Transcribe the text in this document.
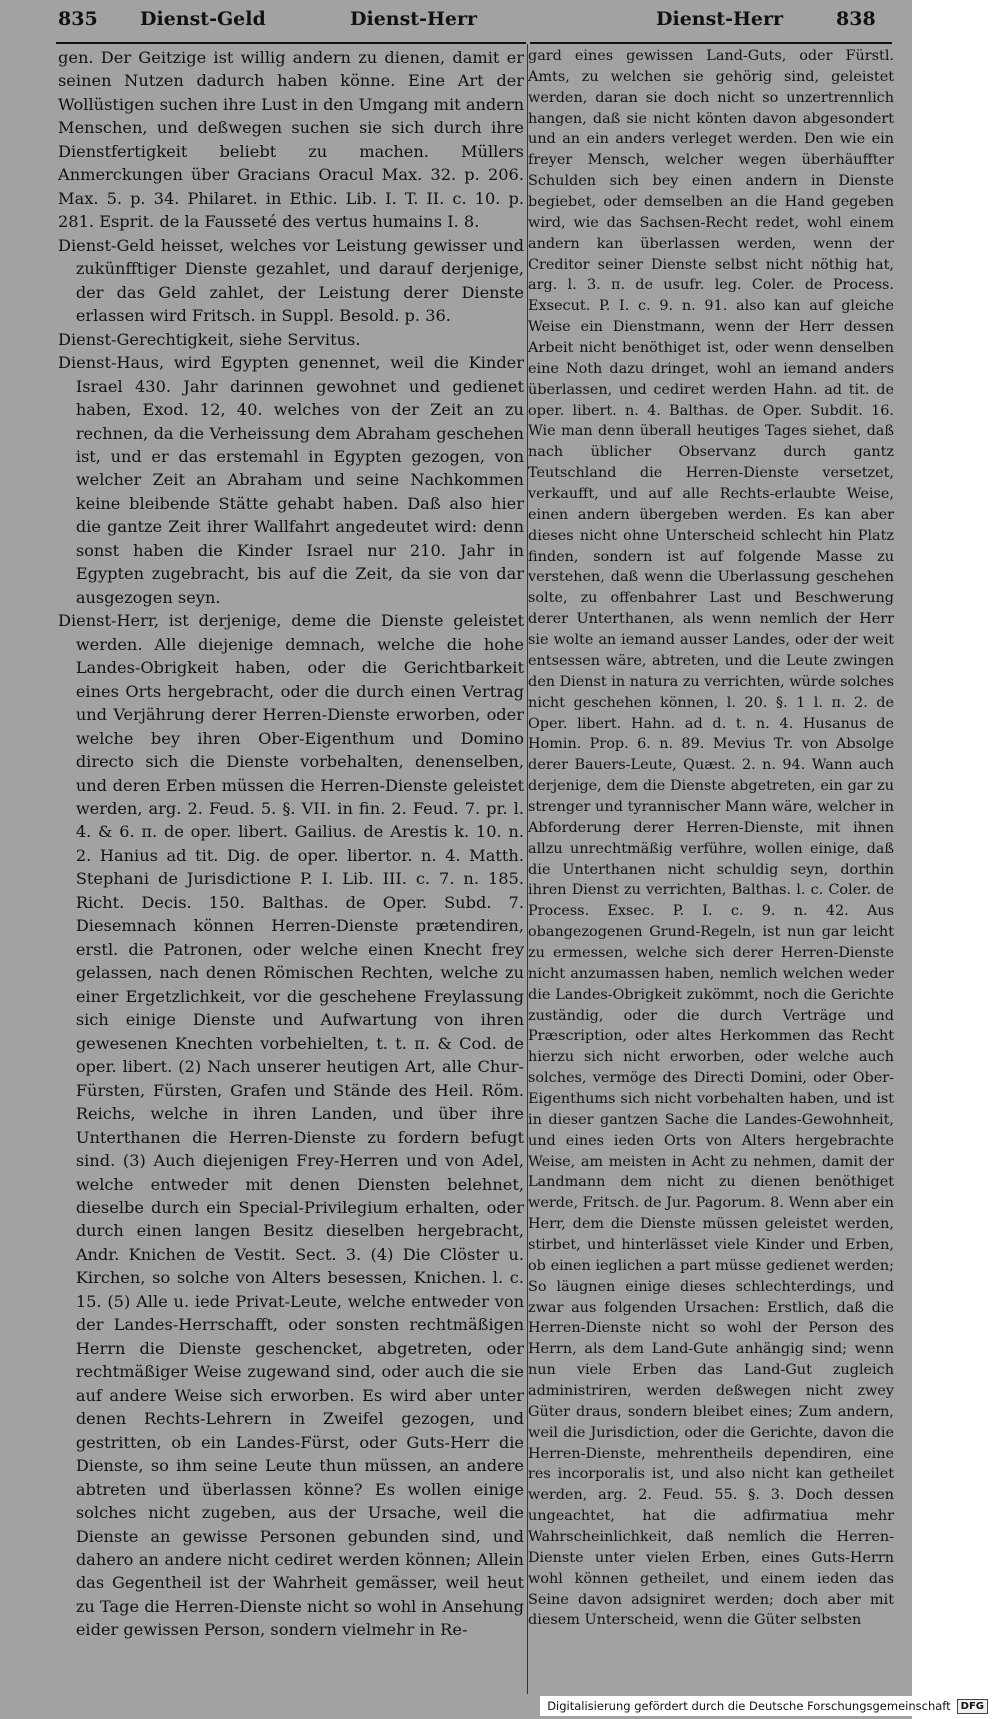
835 Dienst-Geld	Dienst-Herr	Dienst-Herr	838

gen. Der Geitzige ist willig andern zu dienen, damit er seinen Nutzen dadurch haben könne. Eine Art der Wollüstigen suchen ihre Lust in den Umgang mit andern Menschen, und deßwegen suchen sie sich durch ihre Dienstfertigkeit beliebt zu machen. Müllers Anmerckungen über Gracians Oracul Max. 32. p. 206. Max. 5. p. 34. Philaret. in Ethic. Lib. I. T. II. c. 10. p. 281. Esprit. de la Fausseté des vertus humains I. 8.

Dienst-Geld heisset, welches vor Leistung gewisser und zukünfftiger Dienste gezahlet, und darauf derjenige, der das Geld zahlet, der Leistung derer Dienste erlassen wird Fritsch. in Suppl. Besold. p. 36.

Dienst-Gerechtigkeit, siehe Servitus.

Dienst-Haus, wird Egypten genennet, weil die Kinder Israel 430. Jahr darinnen gewohnet und gedienet haben, Exod. 12, 40. welches von der Zeit an zu rechnen, da die Verheissung dem Abraham geschehen ist, und er das erstemahl in Egypten gezogen, von welcher Zeit an Abraham und seine Nachkommen keine bleibende Stätte gehabt haben. Daß also hier die gantze Zeit ihrer Wallfahrt angedeutet wird: denn sonst haben die Kinder Israel nur 210. Jahr in Egypten zugebracht, bis auf die Zeit, da sie von dar ausgezogen seyn.

Dienst-Herr, ist derjenige, deme die Dienste geleistet werden. Alle diejenige demnach, welche die hohe Landes-Obrigkeit haben, oder die Gerichtbarkeit eines Orts hergebracht, oder die durch einen Vertrag und Verjährung derer Herren-Dienste erworben, oder welche bey ihren Ober-Eigenthum und Domino directo sich die Dienste vorbehalten, denenselben, und deren Erben müssen die Herren-Dienste geleistet werden, arg. 2. Feud. 5. §. VII. in fin. 2. Feud. 7. pr. l. 4. & 6. π. de oper. libert. Gailius. de Arestis k. 10. n. 2. Hanius ad tit. Dig. de oper. libertor. n. 4. Matth. Stephani de Jurisdictione P. I. Lib. III. c. 7. n. 185. Richt. Decis. 150. Balthas. de Oper. Subd. 7. Diesemnach können Herren-Dienste prætendiren, erstl. die Patronen, oder welche einen Knecht frey gelassen, nach denen Römischen Rechten, welche zu einer Ergetzlichkeit, vor die geschehene Freylassung sich einige Dienste und Aufwartung von ihren gewesenen Knechten vorbehielten, t. t. π. & Cod. de oper. libert. (2) Nach unserer heutigen Art, alle Chur-Fürsten, Fürsten, Grafen und Stände des Heil. Röm. Reichs, welche in ihren Landen, und über ihre Unterthanen die Herren-Dienste zu fordern befugt sind. (3) Auch diejenigen Frey-Herren und von Adel, welche entweder mit denen Diensten belehnet, dieselbe durch ein Special-Privilegium erhalten, oder durch einen langen Besitz dieselben hergebracht, Andr. Knichen de Vestit. Sect. 3. (4) Die Clöster u. Kirchen, so solche von Alters besessen, Knichen. l. c. 15. (5) Alle u. iede Privat-Leute, welche entweder von der Landes-Herrschafft, oder sonsten rechtmäßigen Herrn die Dienste geschencket, abgetreten, oder rechtmäßiger Weise zugewand sind, oder auch die sie auf andere Weise sich erworben. Es wird aber unter denen Rechts-Lehrern in Zweifel gezogen, und gestritten, ob ein Landes-Fürst, oder Guts-Herr die Dienste, so ihm seine Leute thun müssen, an andere abtreten und überlassen könne? Es wollen einige solches nicht zugeben, aus der Ursache, weil die Dienste an gewisse Personen gebunden sind, und dahero an andere nicht cediret werden können; Allein das Gegentheil ist der Wahrheit gemässer, weil heut zu Tage die Herren-Dienste nicht so wohl in Ansehung eider gewissen Person, sondern vielmehr in Re-

gard eines gewissen Land-Guts, oder Fürstl. Amts, zu welchen sie gehörig sind, geleistet werden, daran sie doch nicht so unzertrennlich hangen, daß sie nicht könten davon abgesondert und an ein anders verleget werden. Den wie ein freyer Mensch, welcher wegen überhäuffter Schulden sich bey einen andern in Dienste begiebet, oder demselben an die Hand gegeben wird, wie das Sachsen-Recht redet, wohl einem andern kan überlassen werden, wenn der Creditor seiner Dienste selbst nicht nöthig hat, arg. l. 3. π. de usufr. leg. Coler. de Process. Exsecut. P. I. c. 9. n. 91. also kan auf gleiche Weise ein Dienstmann, wenn der Herr dessen Arbeit nicht benöthiget ist, oder wenn denselben eine Noth dazu dringet, wohl an iemand anders überlassen, und cediret werden Hahn. ad tit. de oper. libert. n. 4. Balthas. de Oper. Subdit. 16. Wie man denn überall heutiges Tages siehet, daß nach üblicher Observanz durch gantz Teutschland die Herren-Dienste versetzet, verkaufft, und auf alle Rechts-erlaubte Weise, einen andern übergeben werden. Es kan aber dieses nicht ohne Unterscheid schlecht hin Platz finden, sondern ist auf folgende Masse zu verstehen, daß wenn die Uberlassung geschehen solte, zu offenbahrer Last und Beschwerung derer Unterthanen, als wenn nemlich der Herr sie wolte an iemand ausser Landes, oder der weit entsessen wäre, abtreten, und die Leute zwingen den Dienst in natura zu verrichten, würde solches nicht geschehen können, l. 20. §. 1 l. π. 2. de Oper. libert. Hahn. ad d. t. n. 4. Husanus de Homin. Prop. 6. n. 89. Mevius Tr. von Absolge derer Bauers-Leute, Quæst. 2. n. 94. Wann auch derjenige, dem die Dienste abgetreten, ein gar zu strenger und tyrannischer Mann wäre, welcher in Abforderung derer Herren-Dienste, mit ihnen allzu unrechtmäßig verführe, wollen einige, daß die Unterthanen nicht schuldig seyn, dorthin ihren Dienst zu verrichten, Balthas. l. c. Coler. de Process. Exsec. P. I. c. 9. n. 42. Aus obangezogenen Grund-Regeln, ist nun gar leicht zu ermessen, welche sich derer Herren-Dienste nicht anzumassen haben, nemlich welchen weder die Landes-Obrigkeit zukömmt, noch die Gerichte zuständig, oder die durch Verträge und Præscription, oder altes Herkommen das Recht hierzu sich nicht erworben, oder welche auch solches, vermöge des Directi Domini, oder Ober-Eigenthums sich nicht vorbehalten haben, und ist in dieser gantzen Sache die Landes-Gewohnheit, und eines ieden Orts von Alters hergebrachte Weise, am meisten in Acht zu nehmen, damit der Landmann dem nicht zu dienen benöthiget werde, Fritsch. de Jur. Pagorum. 8. Wenn aber ein Herr, dem die Dienste müssen geleistet werden, stirbet, und hinterlässet viele Kinder und Erben, ob einen ieglichen a part müsse gedienet werden; So läugnen einige dieses schlechterdings, und zwar aus folgenden Ursachen: Erstlich, daß die Herren-Dienste nicht so wohl der Person des Herrn, als dem Land-Gute anhängig sind; wenn nun viele Erben das Land-Gut zugleich administriren, werden deßwegen nicht zwey Güter draus, sondern bleibet eines; Zum andern, weil die Jurisdiction, oder die Gerichte, davon die Herren-Dienste, mehrentheils dependiren, eine res incorporalis ist, und also nicht kan getheilet werden, arg. 2. Feud. 55. §. 3. Doch dessen ungeachtet, hat die adfirmatiua mehr Wahrscheinlichkeit, daß nemlich die Herren-Dienste unter vielen Erben, eines Guts-Herrn wohl können getheilet, und einem ieden das Seine davon adsigniret werden; doch aber mit diesem Unterscheid, wenn die Güter selbsten

Digitalisierung gefördert durch die Deutsche Forschungsgemeinschaft	DFG
